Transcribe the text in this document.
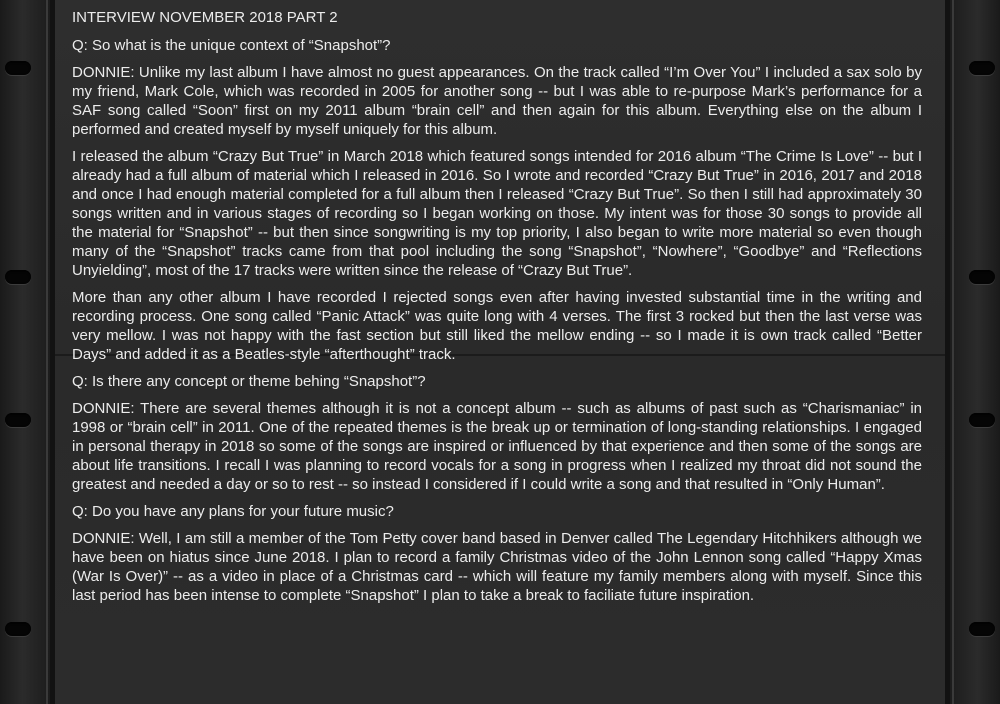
INTERVIEW NOVEMBER 2018 PART 2

Q: So what is the unique context of “Snapshot”?

DONNIE: Unlike my last album I have almost no guest appearances. On the track called “I’m Over You” I included a sax solo by my friend, Mark Cole, which was recorded in 2005 for another song -- but I was able to re-purpose Mark’s performance for a SAF song called “Soon” first on my 2011 album “brain cell” and then again for this album. Everything else on the album I performed and created myself by myself uniquely for this album.

I released the album “Crazy But True” in March 2018 which featured songs intended for 2016 album “The Crime Is Love” -- but I already had a full album of material which I released in 2016. So I wrote and recorded “Crazy But True” in 2016, 2017 and 2018 and once I had enough material completed for a full album then I released “Crazy But True”. So then I still had approximately 30 songs written and in various stages of recording so I began working on those. My intent was for those 30 songs to provide all the material for “Snapshot” -- but then since songwriting is my top priority, I also began to write more material so even though many of the “Snapshot” tracks came from that pool including the song “Snapshot”, “Nowhere”, “Goodbye” and “Reflections Unyielding”, most of the 17 tracks were written since the release of “Crazy But True”.

More than any other album I have recorded I rejected songs even after having invested substantial time in the writing and recording process. One song called “Panic Attack” was quite long with 4 verses. The first 3 rocked but then the last verse was very mellow. I was not happy with the fast section but still liked the mellow ending -- so I made it is own track called “Better Days” and added it as a Beatles-style “afterthought” track.

Q: Is there any concept or theme behing “Snapshot”?

DONNIE: There are several themes although it is not a concept album -- such as albums of past such as “Charismaniac” in 1998 or “brain cell” in 2011. One of the repeated themes is the break up or termination of long-standing relationships. I engaged in personal therapy in 2018 so some of the songs are inspired or influenced by that experience and then some of the songs are about life transitions. I recall I was planning to record vocals for a song in progress when I realized my throat did not sound the greatest and needed a day or so to rest -- so instead I considered if I could write a song and that resulted in “Only Human”.

Q: Do you have any plans for your future music?

DONNIE: Well, I am still a member of the Tom Petty cover band based in Denver called The Legendary Hitchhikers although we have been on hiatus since June 2018. I plan to record a family Christmas video of the John Lennon song called “Happy Xmas (War Is Over)” -- as a video in place of a Christmas card -- which will feature my family members along with myself. Since this last period has been intense to complete “Snapshot” I plan to take a break to faciliate future inspiration.
